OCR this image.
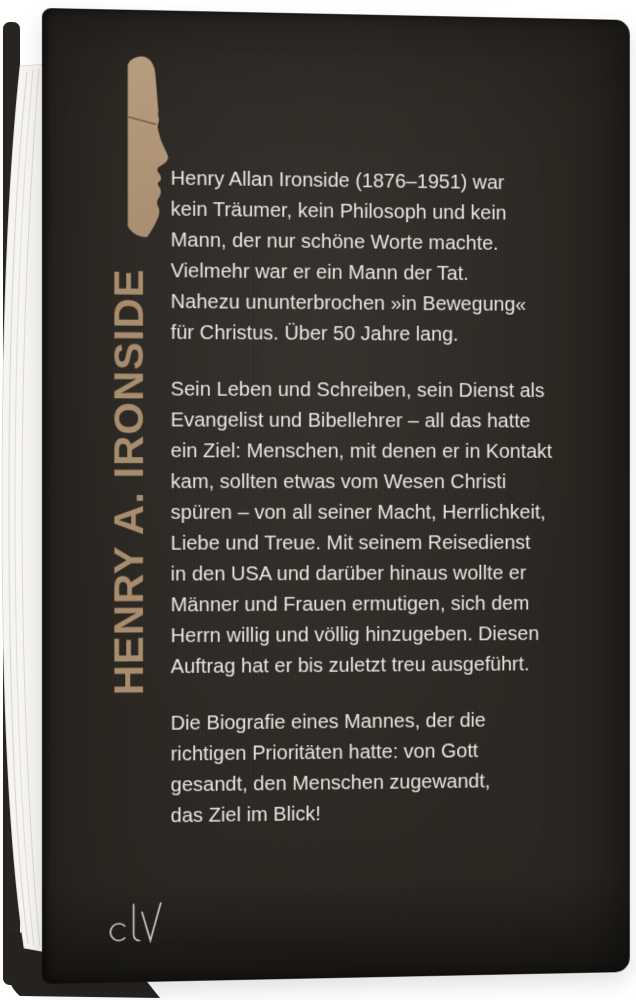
HENRY A. IRONSIDE
Henry Allan Ironside (1876–1951) war
kein Träumer, kein Philosoph und kein
Mann, der nur schöne Worte machte.
Vielmehr war er ein Mann der Tat.
Nahezu ununterbrochen »in Bewegung«
für Christus. Über 50 Jahre lang.
Sein Leben und Schreiben, sein Dienst als
Evangelist und Bibellehrer – all das hatte
ein Ziel: Menschen, mit denen er in Kontakt
kam, sollten etwas vom Wesen Christi
spüren – von all seiner Macht, Herrlichkeit,
Liebe und Treue. Mit seinem Reisedienst
in den USA und darüber hinaus wollte er
Männer und Frauen ermutigen, sich dem
Herrn willig und völlig hinzugeben. Diesen
Auftrag hat er bis zuletzt treu ausgeführt.
Die Biografie eines Mannes, der die
richtigen Prioritäten hatte: von Gott
gesandt, den Menschen zugewandt,
das Ziel im Blick!
